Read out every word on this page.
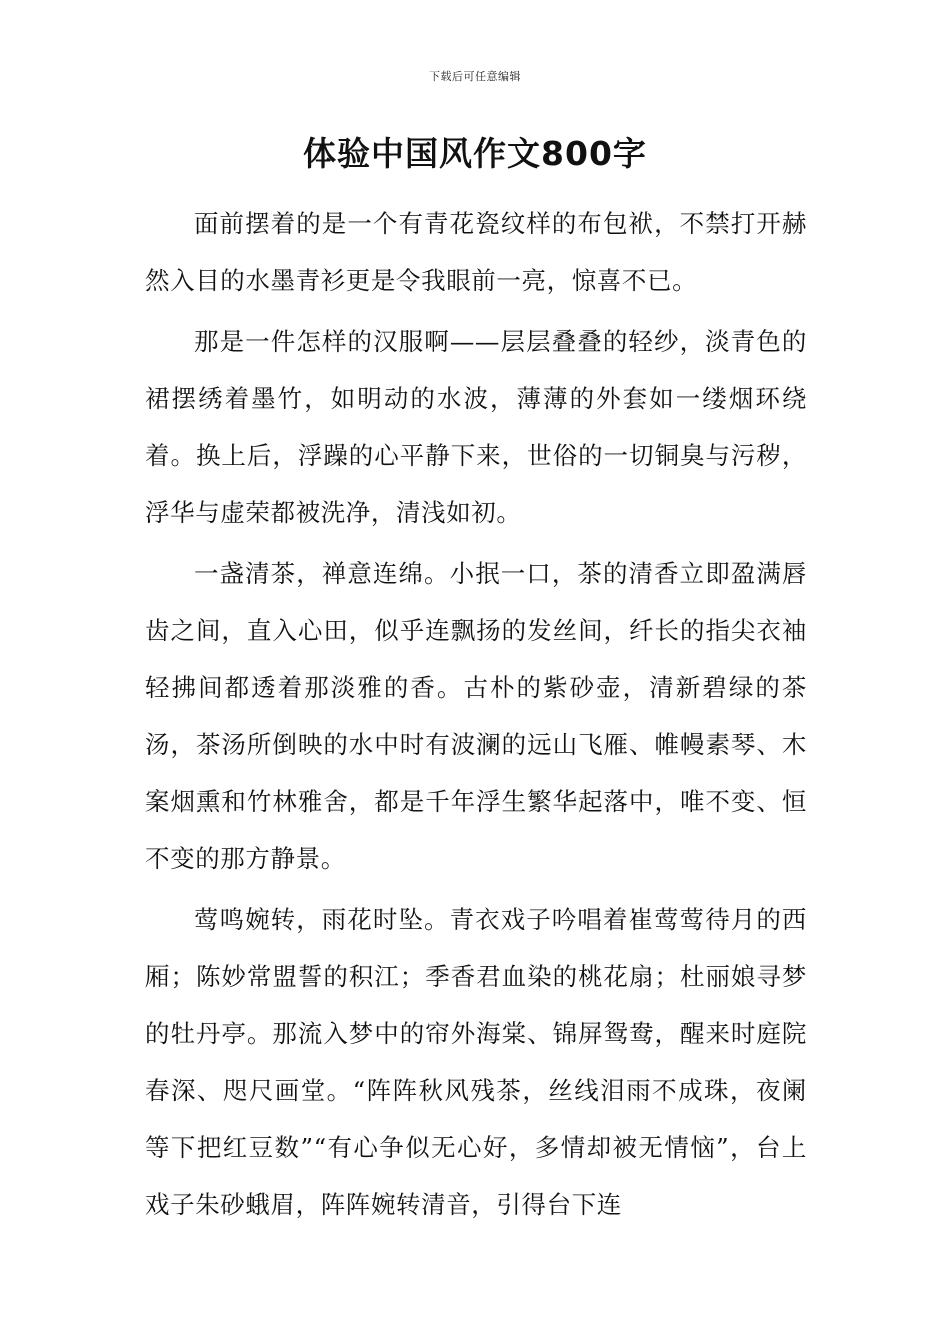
下载后可任意编辑
体验中国风作文800字

面前摆着的是一个有青花瓷纹样的布包袱，不禁打开赫然入目的水墨青衫更是令我眼前一亮，惊喜不已。

那是一件怎样的汉服啊——层层叠叠的轻纱，淡青色的裙摆绣着墨竹，如明动的水波，薄薄的外套如一缕烟环绕着。换上后，浮躁的心平静下来，世俗的一切铜臭与污秽，浮华与虚荣都被洗净，清浅如初。

一盏清茶，禅意连绵。小抿一口，茶的清香立即盈满唇齿之间，直入心田，似乎连飘扬的发丝间，纤长的指尖衣袖轻拂间都透着那淡雅的香。古朴的紫砂壶，清新碧绿的茶汤，茶汤所倒映的水中时有波澜的远山飞雁、帷幔素琴、木案烟熏和竹林雅舍，都是千年浮生繁华起落中，唯不变、恒不变的那方静景。

莺鸣婉转，雨花时坠。青衣戏子吟唱着崔莺莺待月的西厢；陈妙常盟誓的积江；季香君血染的桃花扇；杜丽娘寻梦的牡丹亭。那流入梦中的帘外海棠、锦屏鸳鸯，醒来时庭院春深、咫尺画堂。“阵阵秋风残茶，丝线泪雨不成珠，夜阑等下把红豆数”“有心争似无心好，多情却被无情恼”，台上戏子朱砂蛾眉，阵阵婉转清音，引得台下连
